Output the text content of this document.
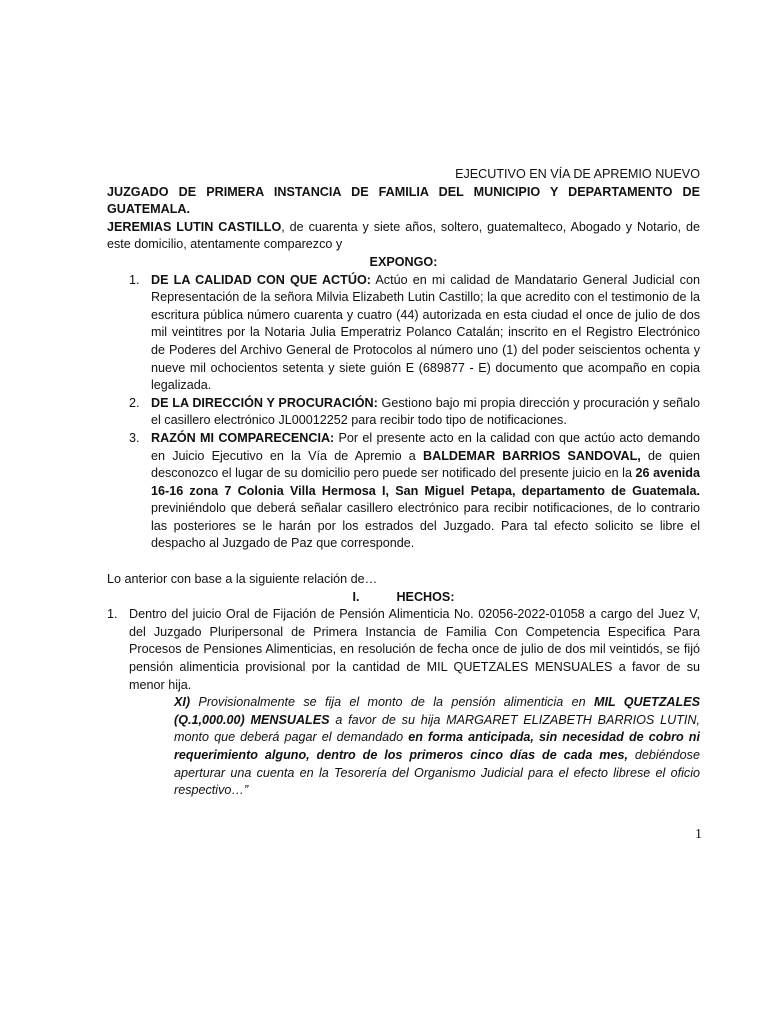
EJECUTIVO EN VÍA DE APREMIO NUEVO
JUZGADO DE PRIMERA INSTANCIA DE FAMILIA DEL MUNICIPIO Y DEPARTAMENTO DE GUATEMALA.
JEREMIAS LUTIN CASTILLO, de cuarenta y siete años, soltero, guatemalteco, Abogado y Notario, de este domicilio, atentamente comparezco y
EXPONGO:
1. DE LA CALIDAD CON QUE ACTÚO: Actúo en mi calidad de Mandatario General Judicial con Representación de la señora Milvia Elizabeth Lutin Castillo; la que acredito con el testimonio de la escritura pública número cuarenta y cuatro (44) autorizada en esta ciudad el once de julio de dos mil veintitres por la Notaria Julia Emperatriz Polanco Catalán; inscrito en el Registro Electrónico de Poderes del Archivo General de Protocolos al número uno (1) del poder seiscientos ochenta y nueve mil ochocientos setenta y siete guión E (689877 - E) documento que acompaño en copia legalizada.
2. DE LA DIRECCIÓN Y PROCURACIÓN: Gestiono bajo mi propia dirección y procuración y señalo el casillero electrónico JL00012252 para recibir todo tipo de notificaciones.
3. RAZÓN MI COMPARECENCIA: Por el presente acto en la calidad con que actúo acto demando en Juicio Ejecutivo en la Vía de Apremio a BALDEMAR BARRIOS SANDOVAL, de quien desconozco el lugar de su domicilio pero puede ser notificado del presente juicio en la 26 avenida 16-16 zona 7 Colonia Villa Hermosa I, San Miguel Petapa, departamento de Guatemala. previniéndolo que deberá señalar casillero electrónico para recibir notificaciones, de lo contrario las posteriores se le harán por los estrados del Juzgado. Para tal efecto solicito se libre el despacho al Juzgado de Paz que corresponde.
Lo anterior con base a la siguiente relación de…
I.	HECHOS:
1. Dentro del juicio Oral de Fijación de Pensión Alimenticia No. 02056-2022-01058 a cargo del Juez V, del Juzgado Pluripersonal de Primera Instancia de Familia Con Competencia Especifica Para Procesos de Pensiones Alimenticias, en resolución de fecha once de julio de dos mil veintidós, se fijó pensión alimenticia provisional por la cantidad de MIL QUETZALES MENSUALES a favor de su menor hija.
XI) Provisionalmente se fija el monto de la pensión alimenticia en MIL QUETZALES (Q.1,000.00) MENSUALES a favor de su hija MARGARET ELIZABETH BARRIOS LUTIN, monto que deberá pagar el demandado en forma anticipada, sin necesidad de cobro ni requerimiento alguno, dentro de los primeros cinco días de cada mes, debiéndose aperturar una cuenta en la Tesorería del Organismo Judicial para el efecto librese el oficio respectivo…”
1
